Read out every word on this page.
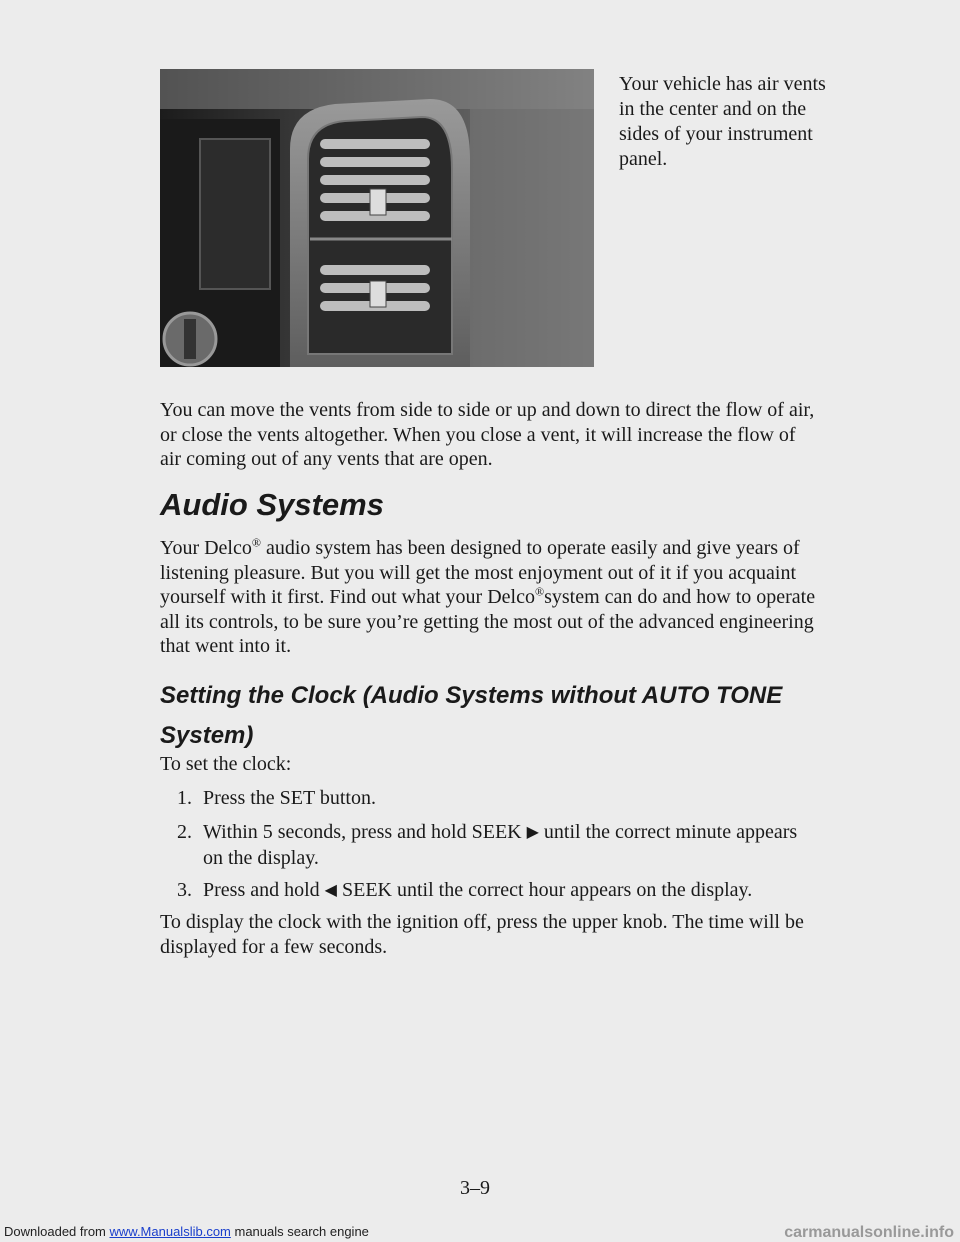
Your vehicle has air vents in the center and on the sides of your instrument panel.
You can move the vents from side to side or up and down to direct the flow of air, or close the vents altogether. When you close a vent, it will increase the flow of air coming out of any vents that are open.
Audio Systems
Your Delco® audio system has been designed to operate easily and give years of listening pleasure. But you will get the most enjoyment out of it if you acquaint yourself with it first. Find out what your Delco®system can do and how to operate all its controls, to be sure you’re getting the most out of the advanced engineering that went into it.
Setting the Clock (Audio Systems without AUTO TONE System)
To set the clock:
1. Press the SET button.
2. Within 5 seconds, press and hold SEEK ▶ until the correct minute appears on the display.
3. Press and hold ◀ SEEK until the correct hour appears on the display.
To display the clock with the ignition off, press the upper knob. The time will be displayed for a few seconds.
3–9
Downloaded from www.Manualslib.com manuals search engine	carmanualsonline.info
